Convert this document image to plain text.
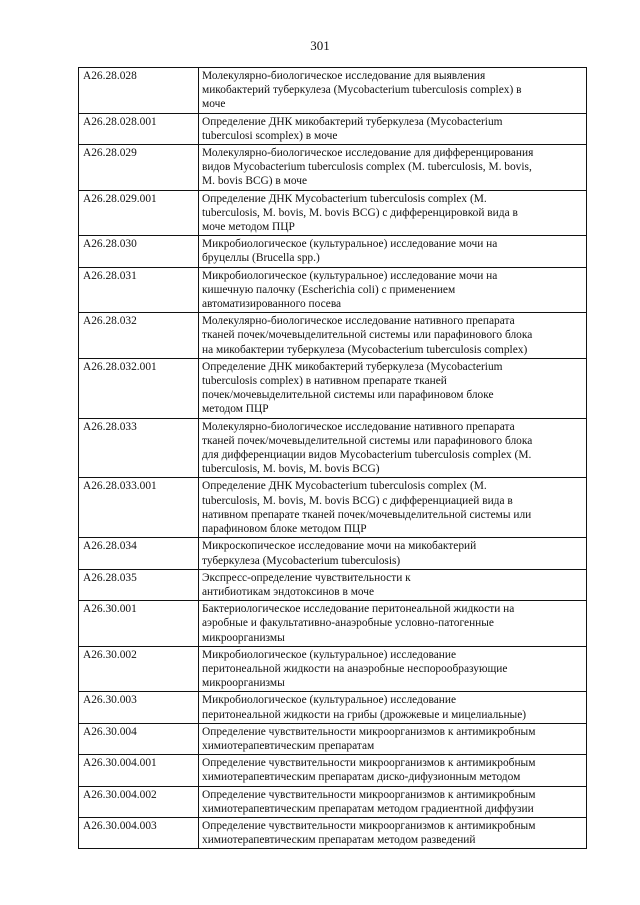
301
A26.28.028	Молекулярно-биологическое исследование для выявления
микобактерий туберкулеза (Mycobacterium tuberculosis complex) в
моче

A26.28.028.001	Определение ДНК микобактерий туберкулеза (Mycobacterium
tuberculosi scomplex) в моче

A26.28.029	Молекулярно-биологическое исследование для дифференцирования
видов Mycobacterium tuberculosis complex (M. tuberculosis, M. bovis,
M. bovis BCG) в моче

A26.28.029.001	Определение ДНК Mycobacterium tuberculosis complex (M.
tuberculosis, M. bovis, M. bovis BCG) с дифференцировкой вида в
моче методом ПЦР

A26.28.030	Микробиологическое (культуральное) исследование мочи на
бруцеллы (Brucella spp.)

A26.28.031	Микробиологическое (культуральное) исследование мочи на
кишечную палочку (Escherichia coli) с применением
автоматизированного посева

A26.28.032	Молекулярно-биологическое исследование нативного препарата
тканей почек/мочевыделительной системы или парафинового блока
на микобактерии туберкулеза (Mycobacterium tuberculosis complex)

A26.28.032.001	Определение ДНК микобактерий туберкулеза (Mycobacterium
tuberculosis complex) в нативном препарате тканей
почек/мочевыделительной системы или парафиновом блоке
методом ПЦР

A26.28.033	Молекулярно-биологическое исследование нативного препарата
тканей почек/мочевыделительной системы или парафинового блока
для дифференциации видов Mycobacterium tuberculosis complex (M.
tuberculosis, M. bovis, M. bovis BCG)

A26.28.033.001	Определение ДНК Mycobacterium tuberculosis complex (M.
tuberculosis, M. bovis, M. bovis BCG) с дифференциацией вида в
нативном препарате тканей почек/мочевыделительной системы или
парафиновом блоке методом ПЦР

A26.28.034	Микроскопическое исследование мочи на микобактерий
туберкулеза (Mycobacterium tuberculosis)

A26.28.035	Экспресс-определение чувствительности к
антибиотикам эндотоксинов в моче

A26.30.001	Бактериологическое исследование перитонеальной жидкости на
аэробные и факультативно-анаэробные условно-патогенные
микроорганизмы

A26.30.002	Микробиологическое (культуральное) исследование
перитонеальной жидкости на анаэробные неспорообразующие
микроорганизмы

A26.30.003	Микробиологическое (культуральное) исследование
перитонеальной жидкости на грибы (дрожжевые и мицелиальные)

A26.30.004	Определение чувствительности микроорганизмов к антимикробным
химиотерапевтическим препаратам

A26.30.004.001	Определение чувствительности микроорганизмов к антимикробным
химиотерапевтическим препаратам диско-дифузионным методом

A26.30.004.002	Определение чувствительности микроорганизмов к антимикробным
химиотерапевтическим препаратам методом градиентной диффузии

A26.30.004.003	Определение чувствительности микроорганизмов к антимикробным
химиотерапевтическим препаратам методом разведений
